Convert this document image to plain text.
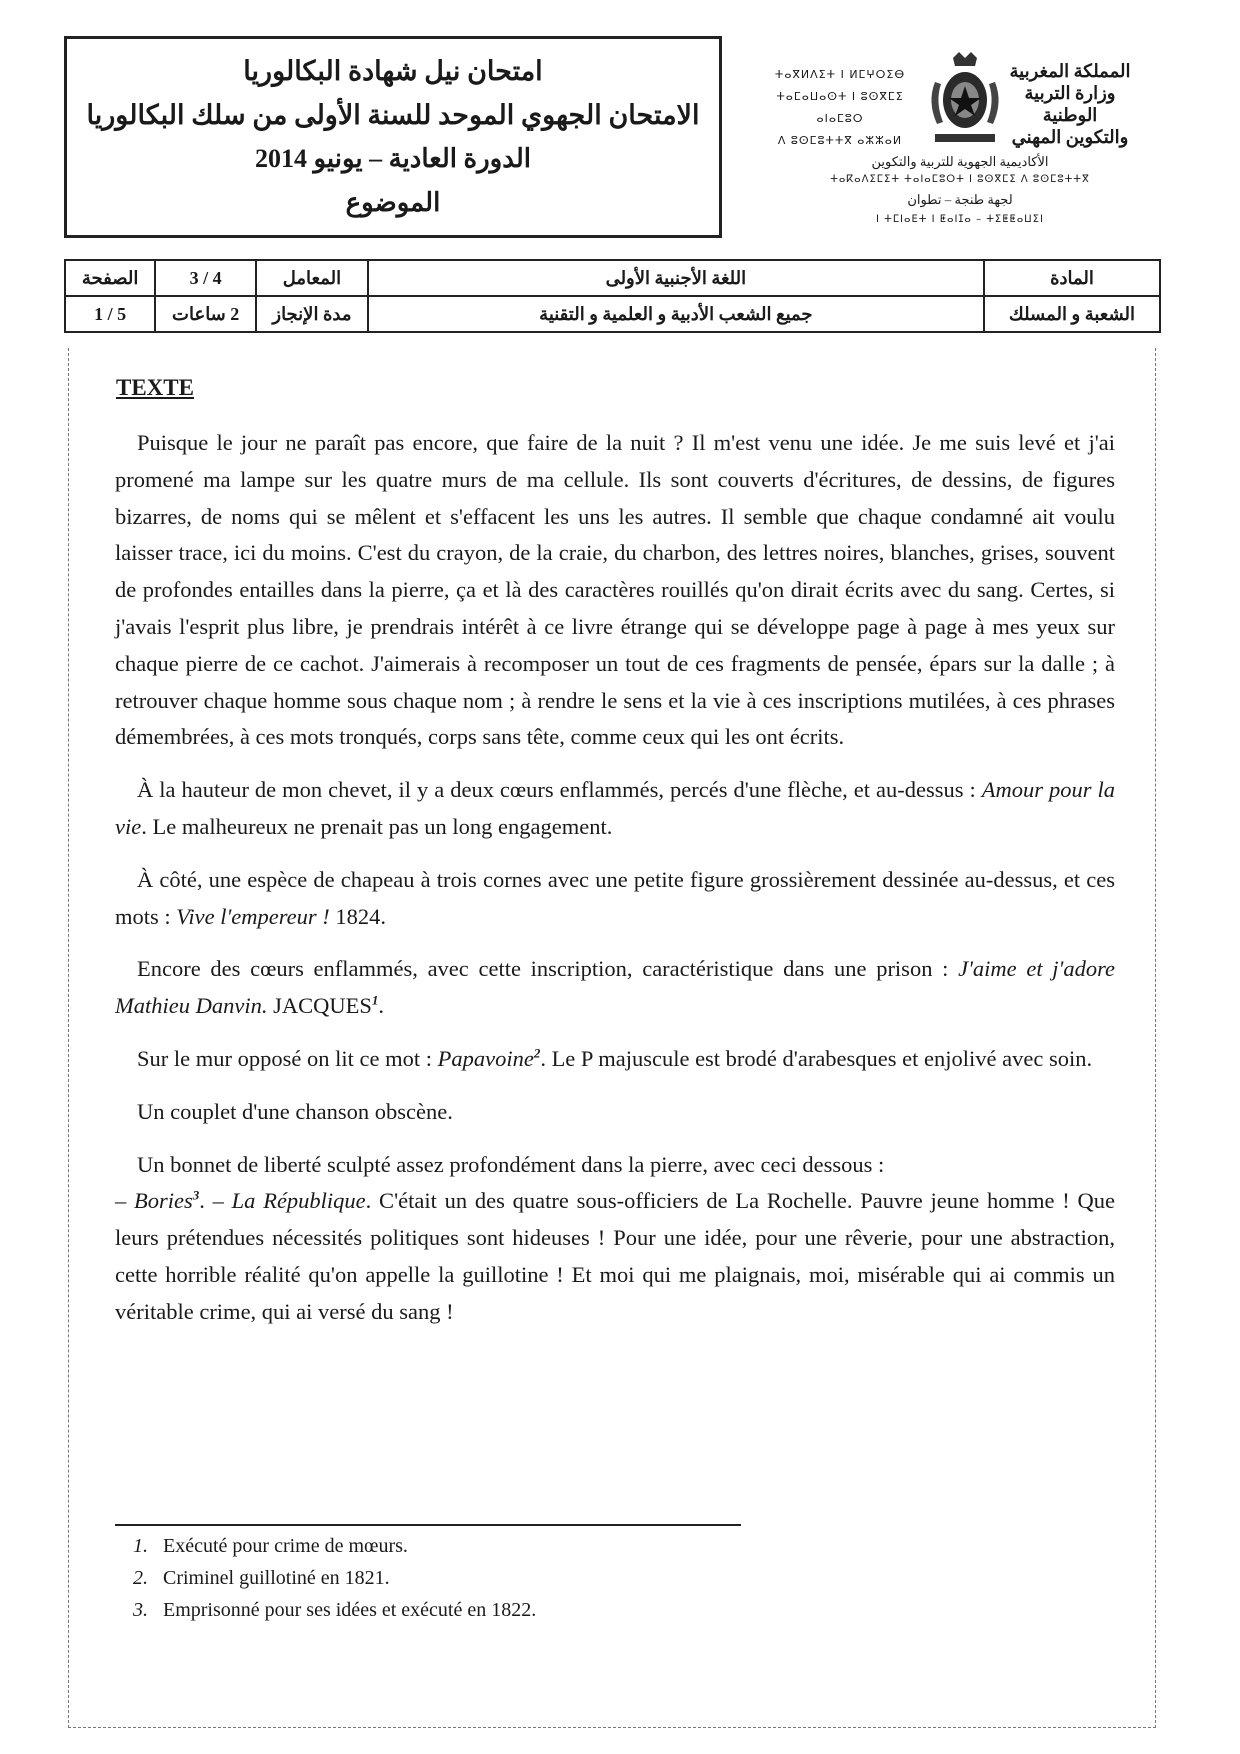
امتحان نيل شهادة البكالوريا
الامتحان الجهوي الموحد للسنة الأولى من سلك البكالوريا
الدورة العادية – يونيو 2014
الموضوع
ⵜⴰⴳⵍⴷⵉⵜ ⵏ ⵍⵎⵖⵔⵉⴱ
ⵜⴰⵎⴰⵡⴰⵙⵜ ⵏ ⵓⵙⴳⵎⵉ ⴰⵏⴰⵎⵓⵔ
ⴷ ⵓⵙⵎⵓⵜⵜⴳ ⴰⵣⵣⴰⵍ
المملكة المغربية
وزارة التربية الوطنية
والتكوين المهني
الأكاديمية الجهوية للتربية والتكوين
ⵜⴰⴽⴰⴷⵉⵎⵉⵜ ⵜⴰⵏⴰⵎⵓⵔⵜ ⵏ ⵓⵙⴳⵎⵉ ⴷ ⵓⵙⵎⵓⵜⵜⴳ
لجهة طنجة – تطوان
ⵏ ⵜⵎⵏⴰⴹⵜ ⵏ ⵟⴰⵏⵊⴰ – ⵜⵉⵟⵟⴰⵡⵉⵏ
المادة	اللغة الأجنبية الأولى	المعامل	4 / 3	الصفحة
الشعبة و المسلك	جميع الشعب الأدبية و العلمية و التقنية	مدة الإنجاز	2 ساعات	5 / 1
TEXTE

Puisque le jour ne paraît pas encore, que faire de la nuit ? Il m'est venu une idée. Je me suis levé et j'ai promené ma lampe sur les quatre murs de ma cellule. Ils sont couverts d'écritures, de dessins, de figures bizarres, de noms qui se mêlent et s'effacent les uns les autres. Il semble que chaque condamné ait voulu laisser trace, ici du moins. C'est du crayon, de la craie, du charbon, des lettres noires, blanches, grises, souvent de profondes entailles dans la pierre, ça et là des caractères rouillés qu'on dirait écrits avec du sang. Certes, si j'avais l'esprit plus libre, je prendrais intérêt à ce livre étrange qui se développe page à page à mes yeux sur chaque pierre de ce cachot. J'aimerais à recomposer un tout de ces fragments de pensée, épars sur la dalle ; à retrouver chaque homme sous chaque nom ; à rendre le sens et la vie à ces inscriptions mutilées, à ces phrases démembrées, à ces mots tronqués, corps sans tête, comme ceux qui les ont écrits.

À la hauteur de mon chevet, il y a deux cœurs enflammés, percés d'une flèche, et au-dessus : Amour pour la vie. Le malheureux ne prenait pas un long engagement.

À côté, une espèce de chapeau à trois cornes avec une petite figure grossièrement dessinée au-dessus, et ces mots : Vive l'empereur ! 1824.

Encore des cœurs enflammés, avec cette inscription, caractéristique dans une prison : J'aime et j'adore Mathieu Danvin. JACQUES$^1$.

Sur le mur opposé on lit ce mot : Papavoine$^2$. Le P majuscule est brodé d'arabesques et enjolivé avec soin.

Un couplet d'une chanson obscène.

Un bonnet de liberté sculpté assez profondément dans la pierre, avec ceci dessous :
– Bories$^3$. – La République. C'était un des quatre sous-officiers de La Rochelle. Pauvre jeune homme ! Que leurs prétendues nécessités politiques sont hideuses ! Pour une idée, pour une rêverie, pour une abstraction, cette horrible réalité qu'on appelle la guillotine ! Et moi qui me plaignais, moi, misérable qui ai commis un véritable crime, qui ai versé du sang !

1. Exécuté pour crime de mœurs.
2. Criminel guillotiné en 1821.
3. Emprisonné pour ses idées et exécuté en 1822.
